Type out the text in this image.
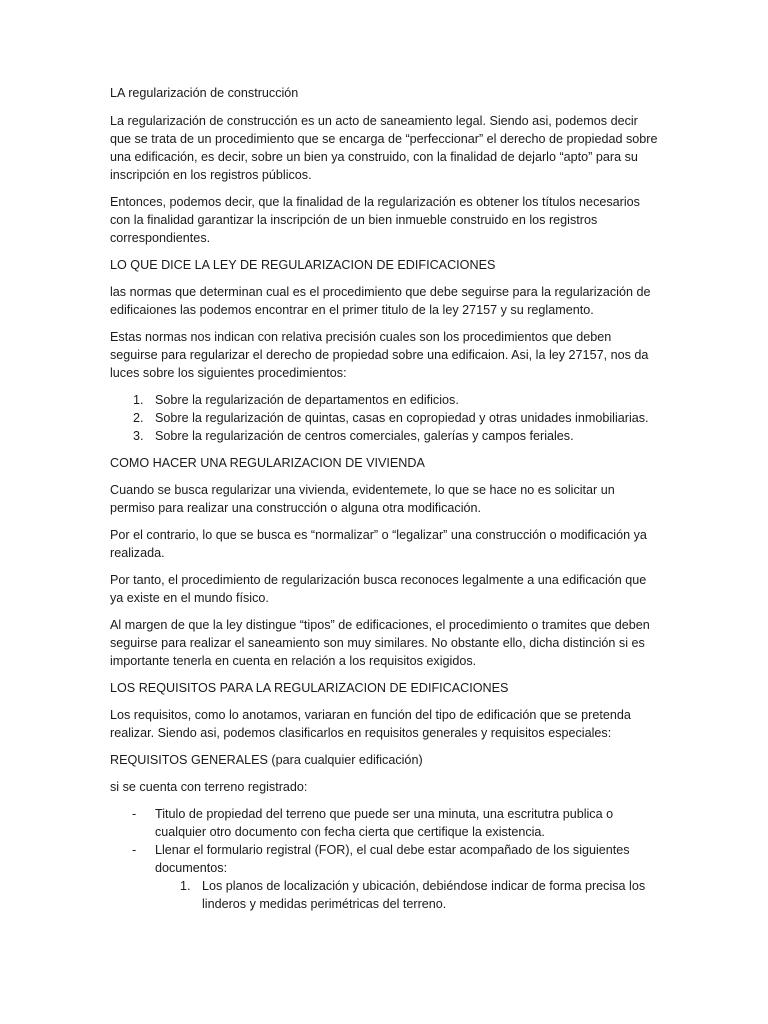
LA regularización de construcción

La regularización de construcción es un acto de saneamiento legal. Siendo asi, podemos decir que se trata de un procedimiento que se encarga de “perfeccionar” el derecho de propiedad sobre una edificación, es decir, sobre un bien ya construido, con la finalidad de dejarlo “apto” para su inscripción en los registros públicos.

Entonces, podemos decir, que la finalidad de la regularización es obtener los títulos necesarios con la finalidad garantizar la inscripción de un bien inmueble construido en los registros correspondientes.

LO QUE DICE LA LEY DE REGULARIZACION DE EDIFICACIONES

las normas que determinan cual es el procedimiento que debe seguirse para la regularización de edificaiones las podemos encontrar en el primer titulo de la ley 27157 y su reglamento.

Estas normas nos indican con relativa precisión cuales son los procedimientos que deben seguirse para regularizar el derecho de propiedad sobre una edificaion. Asi, la ley 27157, nos da luces sobre los siguientes procedimientos:

1. Sobre la regularización de departamentos en edificios.
2. Sobre la regularización de quintas, casas en copropiedad y otras unidades inmobiliarias.
3. Sobre la regularización de centros comerciales, galerías y campos feriales.

COMO HACER UNA REGULARIZACION DE VIVIENDA

Cuando se busca regularizar una vivienda, evidentemete, lo que se hace no es solicitar un permiso para realizar una construcción o alguna otra modificación.

Por el contrario, lo que se busca es “normalizar” o “legalizar” una construcción o modificación ya realizada.

Por tanto, el procedimiento de regularización busca reconoces legalmente a una edificación que ya existe en el mundo físico.

Al margen de que la ley distingue “tipos” de edificaciones, el procedimiento o tramites que deben seguirse para realizar el saneamiento son muy similares. No obstante ello, dicha distinción si es importante tenerla en cuenta en relación a los requisitos exigidos.

LOS REQUISITOS PARA LA REGULARIZACION DE EDIFICACIONES

Los requisitos, como lo anotamos, variaran en función del tipo de edificación que se pretenda realizar. Siendo asi, podemos clasificarlos en requisitos generales y requisitos especiales:

REQUISITOS GENERALES (para cualquier edificación)

si se cuenta con terreno registrado:

- Titulo de propiedad del terreno que puede ser una minuta, una escritutra publica o cualquier otro documento con fecha cierta que certifique la existencia.
- Llenar el formulario registral (FOR), el cual debe estar acompañado de los siguientes documentos:
1. Los planos de localización y ubicación, debiéndose indicar de forma precisa los linderos y medidas perimétricas del terreno.
